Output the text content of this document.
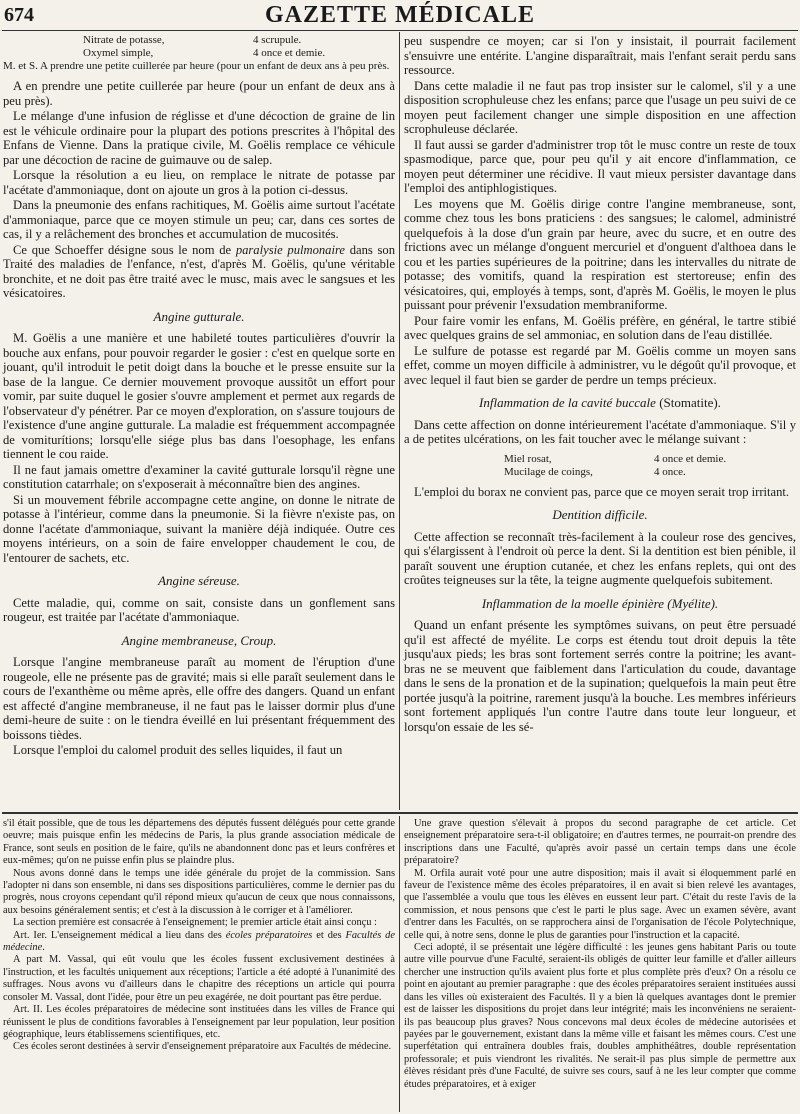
674	GAZETTE MÉDICALE
Nitrate de potasse,	4 scrupule.
Oxymel simple,	4 once et demie.

M. et S. A prendre une petite cuillerée par heure (pour un enfant de deux ans à peu près.

A en prendre une petite cuillerée par heure (pour un enfant de deux ans à peu près).

Le mélange d'une infusion de réglisse et d'une décoction de graine de lin est le véhicule ordinaire pour la plupart des potions prescrites à l'hôpital des Enfans de Vienne. Dans la pratique civile, M. Goëlis remplace ce véhicule par une décoction de racine de guimauve ou de salep.

Lorsque la résolution a eu lieu, on remplace le nitrate de potasse par l'acétate d'ammoniaque, dont on ajoute un gros à la potion ci-dessus.

Dans la pneumonie des enfans rachitiques, M. Goëlis aime surtout l'acétate d'ammoniaque, parce que ce moyen stimule un peu; car, dans ces sortes de cas, il y a relâchement des bronches et accumulation de mucosités.

Ce que Schoeffer désigne sous le nom de paralysie pulmonaire dans son Traité des maladies de l'enfance, n'est, d'après M. Goëlis, qu'une véritable bronchite, et ne doit pas être traité avec le musc, mais avec le sangsues et les vésicatoires.

Angine gutturale.

M. Goëlis a une manière et une habileté toutes particulières d'ouvrir la bouche aux enfans, pour pouvoir regarder le gosier : c'est en quelque sorte en jouant, qu'il introduit le petit doigt dans la bouche et le presse ensuite sur la base de la langue. Ce dernier mouvement provoque aussitôt un effort pour vomir, par suite duquel le gosier s'ouvre amplement et permet aux regards de l'observateur d'y pénétrer. Par ce moyen d'exploration, on s'assure toujours de l'existence d'une angine gutturale. La maladie est fréquemment accompagnée de vomiturítions; lorsqu'elle siége plus bas dans l'oesophage, les enfans tiennent le cou raide.

Il ne faut jamais omettre d'examiner la cavité gutturale lorsqu'il règne une constitution catarrhale; on s'exposerait à méconnaître bien des angines.

Si un mouvement fébrile accompagne cette angine, on donne le nitrate de potasse à l'intérieur, comme dans la pneumonie. Si la fièvre n'existe pas, on donne l'acétate d'ammoniaque, suivant la manière déjà indiquée. Outre ces moyens intérieurs, on a soin de faire envelopper chaudement le cou, de l'entourer de sachets, etc.

Angine séreuse.

Cette maladie, qui, comme on sait, consiste dans un gonflement sans rougeur, est traitée par l'acétate d'ammoniaque.

Angine membraneuse, Croup.

Lorsque l'angine membraneuse paraît au moment de l'éruption d'une rougeole, elle ne présente pas de gravité; mais si elle paraît seulement dans le cours de l'exanthème ou même après, elle offre des dangers. Quand un enfant est affecté d'angine membraneuse, il ne faut pas le laisser dormir plus d'une demi-heure de suite : on le tiendra éveillé en lui présentant fréquemment des boissons tièdes.

Lorsque l'emploi du calomel produit des selles liquides, il faut un

peu suspendre ce moyen; car si l'on y insistait, il pourrait facilement s'ensuivre une entérite. L'angine disparaîtrait, mais l'enfant serait perdu sans ressource.

Dans cette maladie il ne faut pas trop insister sur le calomel, s'il y a une disposition scrophuleuse chez les enfans; parce que l'usage un peu suivi de ce moyen peut facilement changer une simple disposition en une affection scrophuleuse déclarée.

Il faut aussi se garder d'administrer trop tôt le musc contre un reste de toux spasmodique, parce que, pour peu qu'il y ait encore d'inflammation, ce moyen peut déterminer une récidive. Il vaut mieux persister davantage dans l'emploi des antiphlogistiques.

Les moyens que M. Goëlis dirige contre l'angine membraneuse, sont, comme chez tous les bons praticiens : des sangsues; le calomel, administré quelquefois à la dose d'un grain par heure, avec du sucre, et en outre des frictions avec un mélange d'onguent mercuriel et d'onguent d'althoea dans le cou et les parties supérieures de la poitrine; dans les intervalles du nitrate de potasse; des vomitifs, quand la respiration est stertoreuse; enfin des vésicatoires, qui, employés à temps, sont, d'après M. Goëlis, le moyen le plus puissant pour prévenir l'exsudation membraniforme.

Pour faire vomir les enfans, M. Goëlis préfère, en général, le tartre stibié avec quelques grains de sel ammoniac, en solution dans de l'eau distillée.

Le sulfure de potasse est regardé par M. Goëlis comme un moyen sans effet, comme un moyen difficile à administrer, vu le dégoût qu'il provoque, et avec lequel il faut bien se garder de perdre un temps précieux.

Inflammation de la cavité buccale (Stomatite).

Dans cette affection on donne intérieurement l'acétate d'ammoniaque. S'il y a de petites ulcérations, on les fait toucher avec le mélange suivant :

Miel rosat,	4 once et demie.
Mucilage de coings,	4 once.

L'emploi du borax ne convient pas, parce que ce moyen serait trop irritant.

Dentition difficile.

Cette affection se reconnaît très-facilement à la couleur rose des gencives, qui s'élargissent à l'endroit où perce la dent. Si la dentition est bien pénible, il paraît souvent une éruption cutanée, et chez les enfans replets, qui ont des croûtes teigneuses sur la tête, la teigne augmente quelquefois subitement.

Inflammation de la moelle épinière (Myélite).

Quand un enfant présente les symptômes suivans, on peut être persuadé qu'il est affecté de myélite. Le corps est étendu tout droit depuis la tête jusqu'aux pieds; les bras sont fortement serrés contre la poitrine; les avant-bras ne se meuvent que faiblement dans l'articulation du coude, davantage dans le sens de la pronation et de la supination; quelquefois la main peut être portée jusqu'à la poitrine, rarement jusqu'à la bouche. Les membres inférieurs sont fortement appliqués l'un contre l'autre dans toute leur longueur, et lorsqu'on essaie de les sé-

s'il était possible, que de tous les départemens des députés fussent délégués pour cette grande oeuvre; mais puisque enfin les médecins de Paris, la plus grande association médicale de France, sont seuls en position de le faire, qu'ils ne abandonnent donc pas et leurs confrères et eux-mêmes; qu'on ne puisse enfin plus se plaindre plus.

Nous avons donné dans le temps une idée générale du projet de la commission. Sans l'adopter ni dans son ensemble, ni dans ses dispositions particulières, comme le dernier pas du progrès, nous croyons cependant qu'il répond mieux qu'aucun de ceux que nous connaissons, aux besoins généralement sentis; et c'est à la discussion à le corriger et à l'améliorer.

La section première est consacrée à l'enseignement; le premier article était ainsi conçu :

Art. Ier. L'enseignement médical a lieu dans des écoles préparatoires et des Facultés de médecine.

A part M. Vassal, qui eût voulu que les écoles fussent exclusivement destinées à l'instruction, et les facultés uniquement aux réceptions; l'article a été adopté à l'unanimité des suffrages. Nous avons vu d'ailleurs dans le chapitre des réceptions un article qui pourra consoler M. Vassal, dont l'idée, pour être un peu exagérée, ne doit pourtant pas être perdue.

Art. II. Les écoles préparatoires de médecine sont instituées dans les villes de France qui réunissent le plus de conditions favorables à l'enseignement par leur population, leur position géographique, leurs établissemens scientifiques, etc.

Ces écoles seront destinées à servir d'enseignement préparatoire aux Facultés de médecine.

Une grave question s'élevait à propos du second paragraphe de cet article. Cet enseignement préparatoire sera-t-il obligatoire; en d'autres termes, ne pourrait-on prendre des inscriptions dans une Faculté, qu'après avoir passé un certain temps dans une école préparatoire?

M. Orfila aurait voté pour une autre disposition; mais il avait si éloquemment parlé en faveur de l'existence même des écoles préparatoires, il en avait si bien relevé les avantages, que l'assemblée a voulu que tous les élèves en eussent leur part. C'était du reste l'avis de la commission, et nous pensons que c'est le parti le plus sage. Avec un examen sévère, avant d'entrer dans les Facultés, on se rapprochera ainsi de l'organisation de l'école Polytechnique, celle qui, à notre sens, donne le plus de garanties pour l'instruction et la capacité.

Ceci adopté, il se présentait une légère difficulté : les jeunes gens habitant Paris ou toute autre ville pourvue d'une Faculté, seraient-ils obligés de quitter leur famille et d'aller ailleurs chercher une instruction qu'ils avaient plus forte et plus complète près d'eux? On a résolu ce point en ajoutant au premier paragraphe : que des écoles préparatoires seraient instituées aussi dans les villes où existeraient des Facultés. Il y a bien là quelques avantages dont le premier est de laisser les dispositions du projet dans leur intégrité; mais les inconvéniens ne seraient-ils pas beaucoup plus graves? Nous concevons mal deux écoles de médecine autorisées et payées par le gouvernement, existant dans la même ville et faisant les mêmes cours. C'est une superfétation qui entraînera doubles frais, doubles amphithéâtres, double représentation professorale; et puis viendront les rivalités. Ne serait-il pas plus simple de permettre aux élèves résidant près d'une Faculté, de suivre ses cours, sauf à ne les leur compter que comme études préparatoires, et à exiger
